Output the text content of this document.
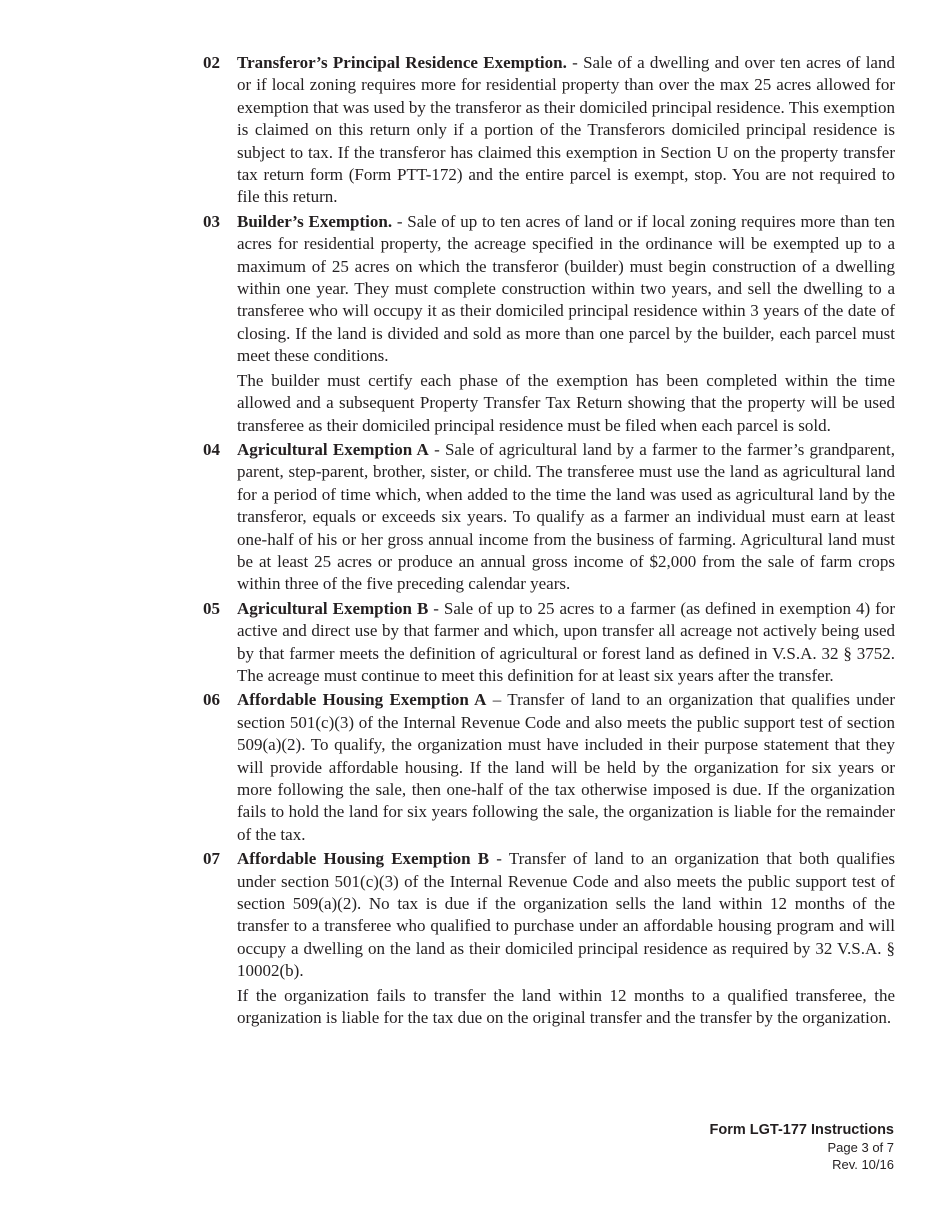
02	Transferor’s Principal Residence Exemption. - Sale of a dwelling and over ten acres of land or if local zoning requires more for residential property than over the max 25 acres allowed for exemption that was used by the transferor as their domiciled principal residence. This exemption is claimed on this return only if a portion of the Transferors domiciled principal residence is subject to tax. If the transferor has claimed this exemption in Section U on the property transfer tax return form (Form PTT-172) and the entire parcel is exempt, stop. You are not required to file this return.

03	Builder’s Exemption. - Sale of up to ten acres of land or if local zoning requires more than ten acres for residential property, the acreage specified in the ordinance will be exempted up to a maximum of 25 acres on which the transferor (builder) must begin construction of a dwelling within one year. They must complete construction within two years, and sell the dwelling to a transferee who will occupy it as their domiciled principal residence within 3 years of the date of closing. If the land is divided and sold as more than one parcel by the builder, each parcel must meet these conditions.

The builder must certify each phase of the exemption has been completed within the time allowed and a subsequent Property Transfer Tax Return showing that the property will be used transferee as their domiciled principal residence must be filed when each parcel is sold.

04	Agricultural Exemption A - Sale of agricultural land by a farmer to the farmer’s grandparent, parent, step-parent, brother, sister, or child. The transferee must use the land as agricultural land for a period of time which, when added to the time the land was used as agricultural land by the transferor, equals or exceeds six years. To qualify as a farmer an individual must earn at least one-half of his or her gross annual income from the business of farming. Agricultural land must be at least 25 acres or produce an annual gross income of $2,000 from the sale of farm crops within three of the five preceding calendar years.

05	Agricultural Exemption B - Sale of up to 25 acres to a farmer (as defined in exemption 4) for active and direct use by that farmer and which, upon transfer all acreage not actively being used by that farmer meets the definition of agricultural or forest land as defined in V.S.A. 32 § 3752. The acreage must continue to meet this definition for at least six years after the transfer.

06	Affordable Housing Exemption A – Transfer of land to an organization that qualifies under section 501(c)(3) of the Internal Revenue Code and also meets the public support test of section 509(a)(2). To qualify, the organization must have included in their purpose statement that they will provide affordable housing. If the land will be held by the organization for six years or more following the sale, then one-half of the tax otherwise imposed is due. If the organization fails to hold the land for six years following the sale, the organization is liable for the remainder of the tax.

07	Affordable Housing Exemption B - Transfer of land to an organization that both qualifies under section 501(c)(3) of the Internal Revenue Code and also meets the public support test of section 509(a)(2). No tax is due if the organization sells the land within 12 months of the transfer to a transferee who qualified to purchase under an affordable housing program and will occupy a dwelling on the land as their domiciled principal residence as required by 32 V.S.A. § 10002(b).

If the organization fails to transfer the land within 12 months to a qualified transferee, the organization is liable for the tax due on the original transfer and the transfer by the organization.

Form LGT-177 Instructions
Page 3 of 7
Rev. 10/16
